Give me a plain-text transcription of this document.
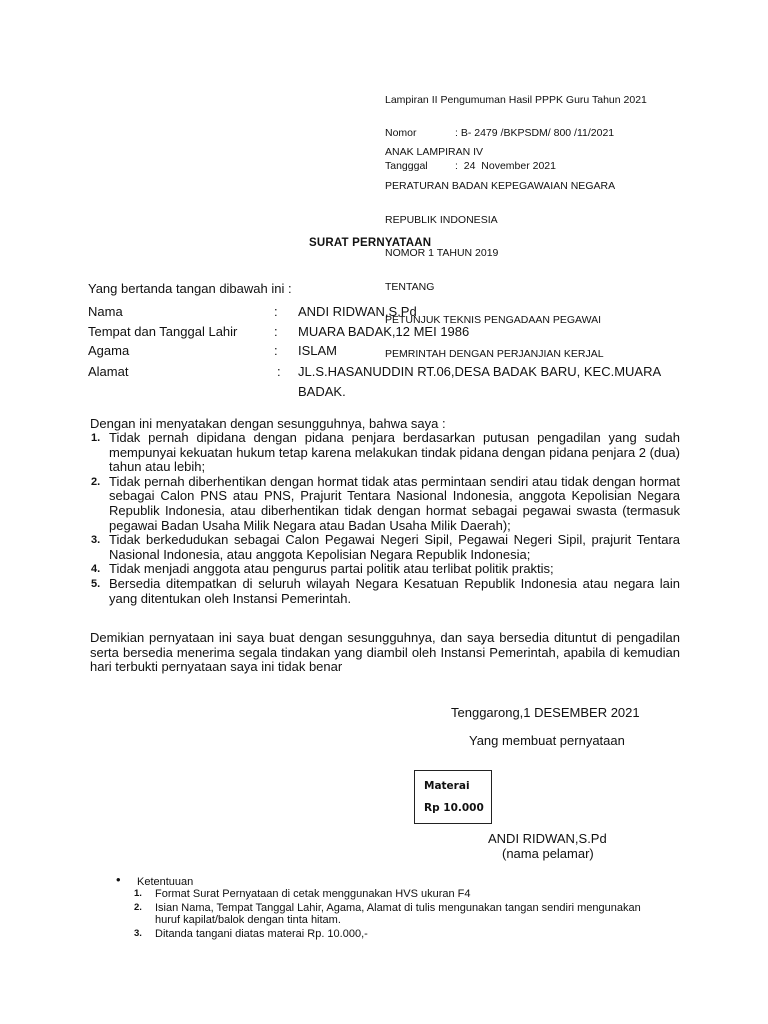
Lampiran II Pengumuman Hasil PPPK Guru Tahun 2021

Nomor	: B- 2479 /BKPSDM/ 800 /11/2021

Tangggal	:  24  November 2021

ANAK LAMPIRAN IV

PERATURAN BADAN KEPEGAWAIAN NEGARA

REPUBLIK INDONESIA

NOMOR 1 TAHUN 2019

TENTANG

PETUNJUK TEKNIS PENGADAAN PEGAWAI

PEMRINTAH DENGAN PERJANJIAN KERJAL

SURAT PERNYATAAN
Yang bertanda tangan dibawah ini :
Nama	: ANDI RIDWAN,S.Pd
Tempat dan Tanggal Lahir	: MUARA BADAK,12 MEI 1986
Agama	: ISLAM
Alamat	: JL.S.HASANUDDIN RT.06,DESA BADAK BARU, KEC.MUARA
BADAK.
Dengan ini menyatakan dengan sesungguhnya, bahwa saya :
1. Tidak pernah dipidana dengan pidana penjara berdasarkan putusan pengadilan yang sudah mempunyai kekuatan hukum tetap karena melakukan tindak pidana dengan pidana penjara 2 (dua) tahun atau lebih;
2. Tidak pernah diberhentikan dengan hormat tidak atas permintaan sendiri atau tidak dengan hormat sebagai Calon PNS atau PNS, Prajurit Tentara Nasional Indonesia, anggota Kepolisian Negara Republik Indonesia, atau diberhentikan tidak dengan hormat sebagai pegawai swasta (termasuk pegawai Badan Usaha Milik Negara atau Badan Usaha Milik Daerah);
3. Tidak berkedudukan sebagai Calon Pegawai Negeri Sipil, Pegawai Negeri Sipil, prajurit Tentara Nasional Indonesia, atau anggota Kepolisian Negara Republik Indonesia;
4. Tidak menjadi anggota atau pengurus partai politik atau terlibat politik praktis;
5. Bersedia ditempatkan di seluruh wilayah Negara Kesatuan Republik Indonesia atau negara lain yang ditentukan oleh Instansi Pemerintah.
Demikian pernyataan ini saya buat dengan sesungguhnya, dan saya bersedia dituntut di pengadilan serta bersedia menerima segala tindakan yang diambil oleh Instansi Pemerintah, apabila di kemudian hari terbukti pernyataan saya ini tidak benar
Tenggarong,1 DESEMBER 2021
Yang membuat pernyataan
Materai
Rp 10.000
ANDI RIDWAN,S.Pd
(nama pelamar)
• Ketentuuan
1. Format Surat Pernyataan di cetak menggunakan HVS ukuran F4
2. Isian Nama, Tempat Tanggal Lahir, Agama, Alamat di tulis mengunakan tangan sendiri mengunakan huruf kapilat/balok dengan tinta hitam.
3. Ditanda tangani diatas materai Rp. 10.000,-
